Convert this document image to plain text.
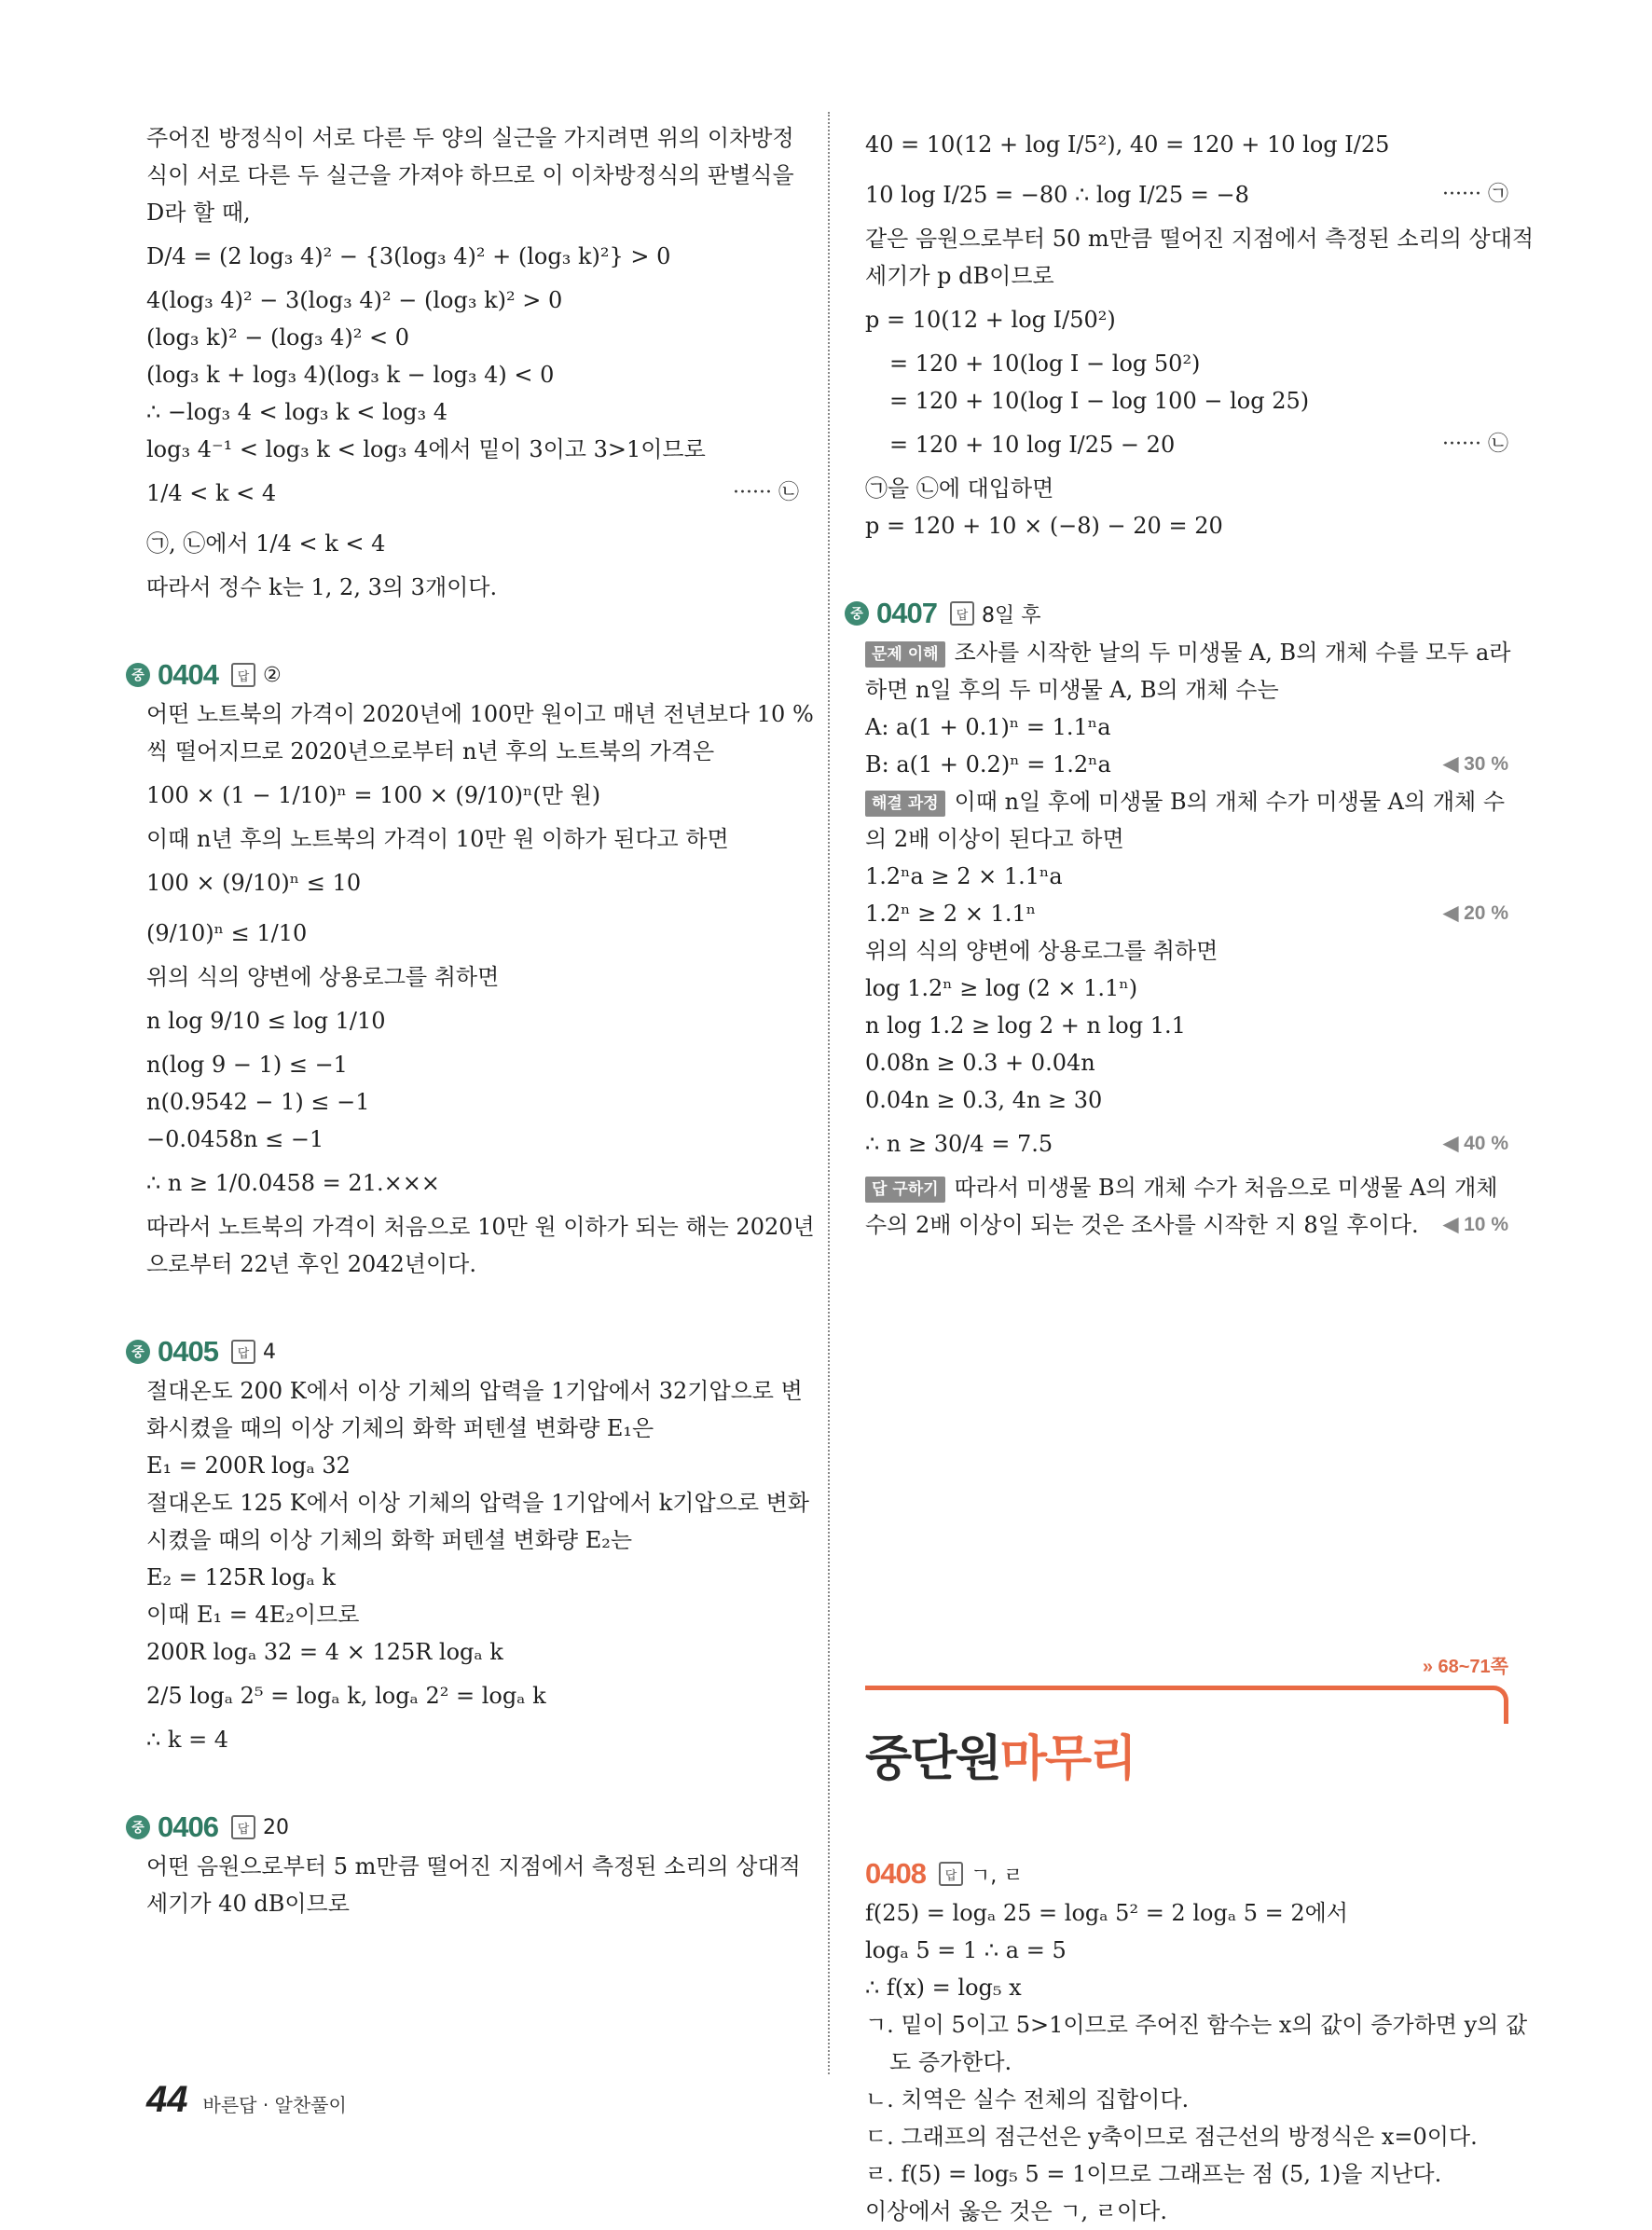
주어진 방정식이 서로 다른 두 양의 실근을 가지려면 위의 이차방정
식이 서로 다른 두 실근을 가져야 하므로 이 이차방정식의 판별식을
D라 할 때,
D/4 = (2 log₃ 4)² − {3(log₃ 4)² + (log₃ k)²} > 0
4(log₃ 4)² − 3(log₃ 4)² − (log₃ k)² > 0
(log₃ k)² − (log₃ 4)² < 0
(log₃ k + log₃ 4)(log₃ k − log₃ 4) < 0
∴ −log₃ 4 < log₃ k < log₃ 4
log₃ 4⁻¹ < log₃ k < log₃ 4에서 밑이 3이고 3>1이므로
1/4 < k < 4	······ ㉡
㉠, ㉡에서 1/4 < k < 4
따라서 정수 k는 1, 2, 3의 3개이다.
중 0404	답 ②
어떤 노트북의 가격이 2020년에 100만 원이고 매년 전년보다 10 %
씩 떨어지므로 2020년으로부터 n년 후의 노트북의 가격은
100 × (1 − 1/10)ⁿ = 100 × (9/10)ⁿ(만 원)
이때 n년 후의 노트북의 가격이 10만 원 이하가 된다고 하면
100 × (9/10)ⁿ ≤ 10
(9/10)ⁿ ≤ 1/10
위의 식의 양변에 상용로그를 취하면
n log 9/10 ≤ log 1/10
n(log 9 − 1) ≤ −1
n(0.9542 − 1) ≤ −1
−0.0458n ≤ −1
∴ n ≥ 1/0.0458 = 21.×××
따라서 노트북의 가격이 처음으로 10만 원 이하가 되는 해는 2020년
으로부터 22년 후인 2042년이다.
중 0405	답 4
절대온도 200 K에서 이상 기체의 압력을 1기압에서 32기압으로 변
화시켰을 때의 이상 기체의 화학 퍼텐셜 변화량 E₁은
E₁ = 200R logₐ 32
절대온도 125 K에서 이상 기체의 압력을 1기압에서 k기압으로 변화
시켰을 때의 이상 기체의 화학 퍼텐셜 변화량 E₂는
E₂ = 125R logₐ k
이때 E₁ = 4E₂이므로
200R logₐ 32 = 4 × 125R logₐ k
2/5 logₐ 2⁵ = logₐ k, logₐ 2² = logₐ k
∴ k = 4
중 0406	답 20
어떤 음원으로부터 5 m만큼 떨어진 지점에서 측정된 소리의 상대적
세기가 40 dB이므로
40 = 10(12 + log I/5²), 40 = 120 + 10 log I/25
10 log I/25 = −80 ∴ log I/25 = −8	······ ㉠
같은 음원으로부터 50 m만큼 떨어진 지점에서 측정된 소리의 상대적
세기가 p dB이므로
p = 10(12 + log I/50²)
= 120 + 10(log I − log 50²)
= 120 + 10(log I − log 100 − log 25)
= 120 + 10 log I/25 − 20	······ ㉡
㉠을 ㉡에 대입하면
p = 120 + 10 × (−8) − 20 = 20
중 0407	답 8일 후
문제 이해 조사를 시작한 날의 두 미생물 A, B의 개체 수를 모두 a라
하면 n일 후의 두 미생물 A, B의 개체 수는
A: a(1 + 0.1)ⁿ = 1.1ⁿa
B: a(1 + 0.2)ⁿ = 1.2ⁿa	◀ 30 %
해결 과정 이때 n일 후에 미생물 B의 개체 수가 미생물 A의 개체 수
의 2배 이상이 된다고 하면
1.2ⁿa ≥ 2 × 1.1ⁿa
1.2ⁿ ≥ 2 × 1.1ⁿ	◀ 20 %
위의 식의 양변에 상용로그를 취하면
log 1.2ⁿ ≥ log (2 × 1.1ⁿ)
n log 1.2 ≥ log 2 + n log 1.1
0.08n ≥ 0.3 + 0.04n
0.04n ≥ 0.3, 4n ≥ 30
∴ n ≥ 30/4 = 7.5	◀ 40 %
답 구하기 따라서 미생물 B의 개체 수가 처음으로 미생물 A의 개체
수의 2배 이상이 되는 것은 조사를 시작한 지 8일 후이다. ◀ 10 %
» 68~71쪽
중단원마무리
0408	답 ㄱ, ㄹ
f(25) = logₐ 25 = logₐ 5² = 2 logₐ 5 = 2에서
logₐ 5 = 1 ∴ a = 5
∴ f(x) = log₅ x
ㄱ. 밑이 5이고 5>1이므로 주어진 함수는 x의 값이 증가하면 y의 값
도 증가한다.
ㄴ. 치역은 실수 전체의 집합이다.
ㄷ. 그래프의 점근선은 y축이므로 점근선의 방정식은 x=0이다.
ㄹ. f(5) = log₅ 5 = 1이므로 그래프는 점 (5, 1)을 지난다.
이상에서 옳은 것은 ㄱ, ㄹ이다.
44 바른답 · 알찬풀이
